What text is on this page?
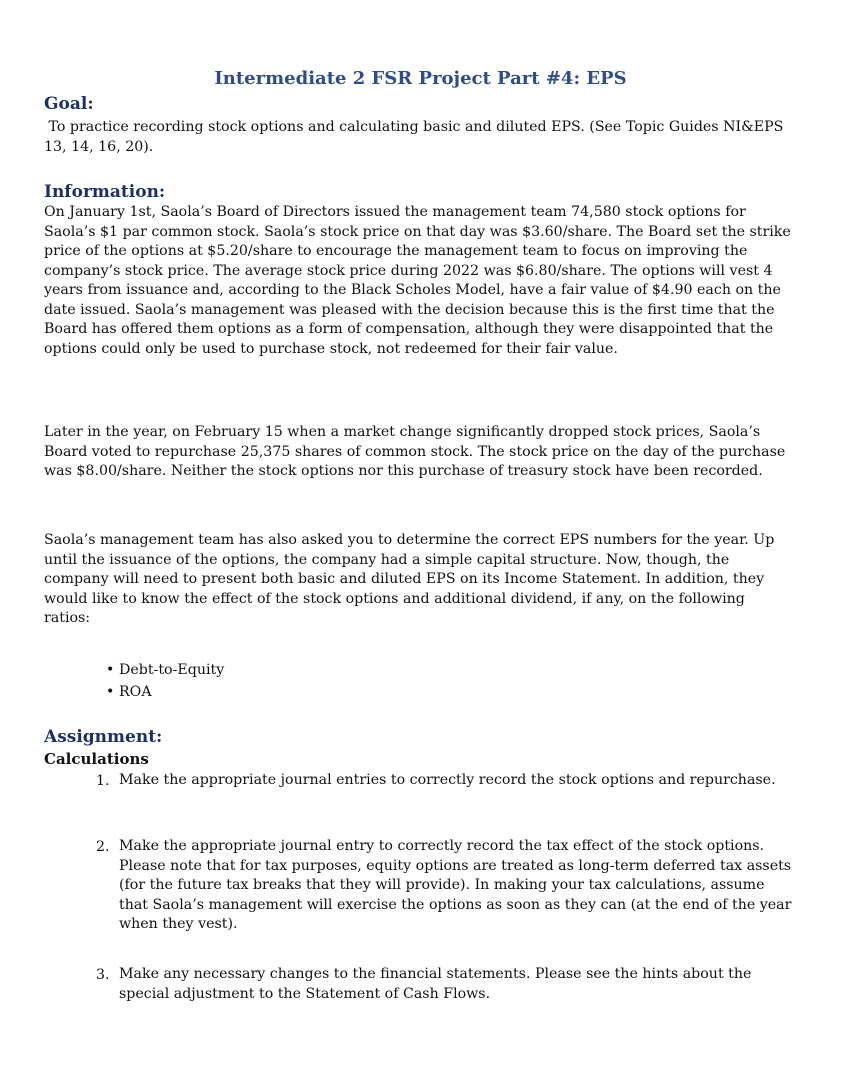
Intermediate 2 FSR Project Part #4: EPS
Goal:

To practice recording stock options and calculating basic and diluted EPS. (See Topic Guides NI&EPS
13, 14, 16, 20).

Information:

On January 1st, Saola’s Board of Directors issued the management team 74,580 stock options for
Saola’s $1 par common stock. Saola’s stock price on that day was $3.60/share. The Board set the strike
price of the options at $5.20/share to encourage the management team to focus on improving the
company’s stock price. The average stock price during 2022 was $6.80/share. The options will vest 4
years from issuance and, according to the Black Scholes Model, have a fair value of $4.90 each on the
date issued. Saola’s management was pleased with the decision because this is the first time that the
Board has offered them options as a form of compensation, although they were disappointed that the
options could only be used to purchase stock, not redeemed for their fair value.

Later in the year, on February 15 when a market change significantly dropped stock prices, Saola’s
Board voted to repurchase 25,375 shares of common stock. The stock price on the day of the purchase
was $8.00/share. Neither the stock options nor this purchase of treasury stock have been recorded.

Saola’s management team has also asked you to determine the correct EPS numbers for the year. Up
until the issuance of the options, the company had a simple capital structure. Now, though, the
company will need to present both basic and diluted EPS on its Income Statement. In addition, they
would like to know the effect of the stock options and additional dividend, if any, on the following
ratios:

• Debt-to-Equity
• ROA
Assignment:
Calculations
1. Make the appropriate journal entries to correctly record the stock options and repurchase.
2. Make the appropriate journal entry to correctly record the tax effect of the stock options.
Please note that for tax purposes, equity options are treated as long-term deferred tax assets
(for the future tax breaks that they will provide). In making your tax calculations, assume
that Saola’s management will exercise the options as soon as they can (at the end of the year
when they vest).
3. Make any necessary changes to the financial statements. Please see the hints about the
special adjustment to the Statement of Cash Flows.
